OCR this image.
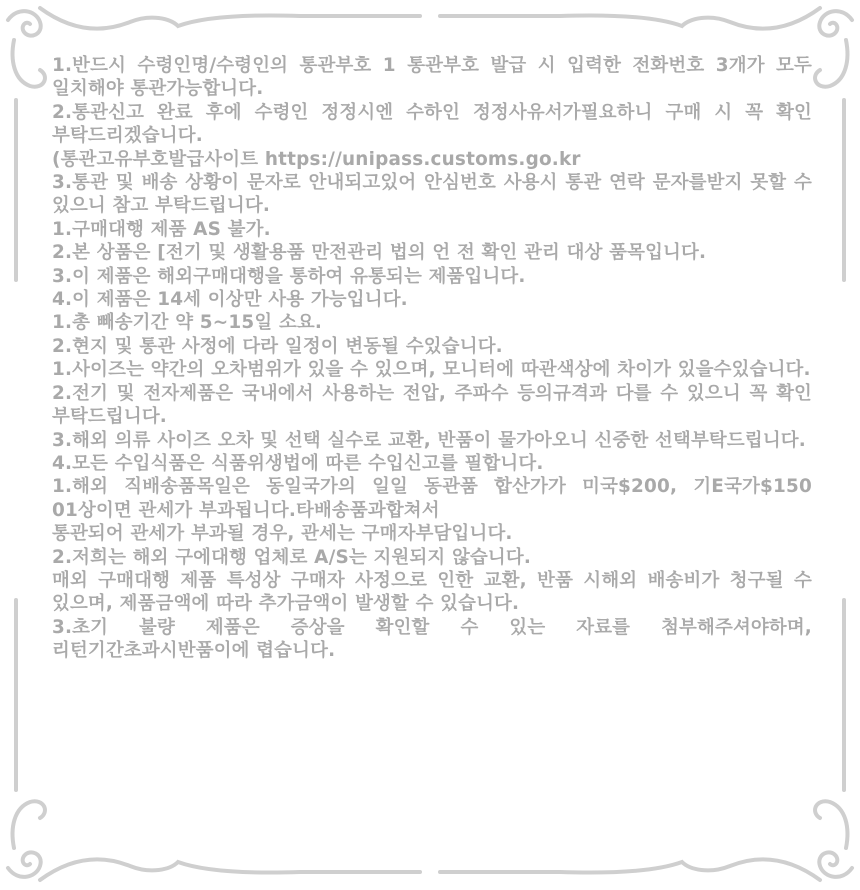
1.반드시 수령인명/수령인의 통관부호 1 통관부호 발급 시 입력한 전화번호 3개가 모두 일치해야 통관가능합니다.
2.통관신고 완료 후에 수령인 정정시엔 수하인 정정사유서가필요하니 구매 시 꼭 확인 부탁드리겠습니다.
(통관고유부호발급사이트 https://unipass.customs.go.kr
3.통관 및 배송 상황이 문자로 안내되고있어 안심번호 사용시 통관 연락 문자를받지 못할 수 있으니 참고 부탁드립니다.
1.구매대행 제품 AS 불가.
2.본 상품은 [전기 및 생활용품 만전관리 법의 언 전 확인 관리 대상 품목입니다.
3.이 제품은 해외구매대행을 통하여 유통되는 제품입니다.
4.이 제품은 14세 이상만 사용 가능입니다.
1.총 빼송기간 약 5~15일 소요.
2.현지 및 통관 사정에 다라 일정이 변동될 수있습니다.
1.사이즈는 약간의 오차범위가 있을 수 있으며, 모니터에 따관색상에 차이가 있을수있습니다.
2.전기 및 전자제품은 국내에서 사용하는 전압, 주파수 등의규격과 다를 수 있으니 꼭 확인 부탁드립니다.
3.해외 의류 사이즈 오차 및 선택 실수로 교환, 반품이 물가아오니 신중한 선택부탁드립니다.
4.모든 수입식품은 식품위생법에 따른 수입신고를 필합니다.
1.해외 직배송품목일은 동일국가의 일일 동관품 합산가가 미국$200, 기E국가$150 01상이면 관세가 부과됩니다.타배송품과합쳐서
통관되어 관세가 부과될 경우, 관세는 구매자부담입니다.
2.저희는 해외 구에대행 업체로 A/S는 지원되지 않습니다.
매외 구매대행 제품 특성상 구매자 사정으로 인한 교환, 반품 시해외 배송비가 청구될 수 있으며, 제품금액에 따라 추가금액이 발생할 수 있습니다.
3.초기 불량 제품은 증상을 확인할 수 있는 자료를 첨부해주셔야하며, 리턴기간초과시반품이에 렵습니다.
